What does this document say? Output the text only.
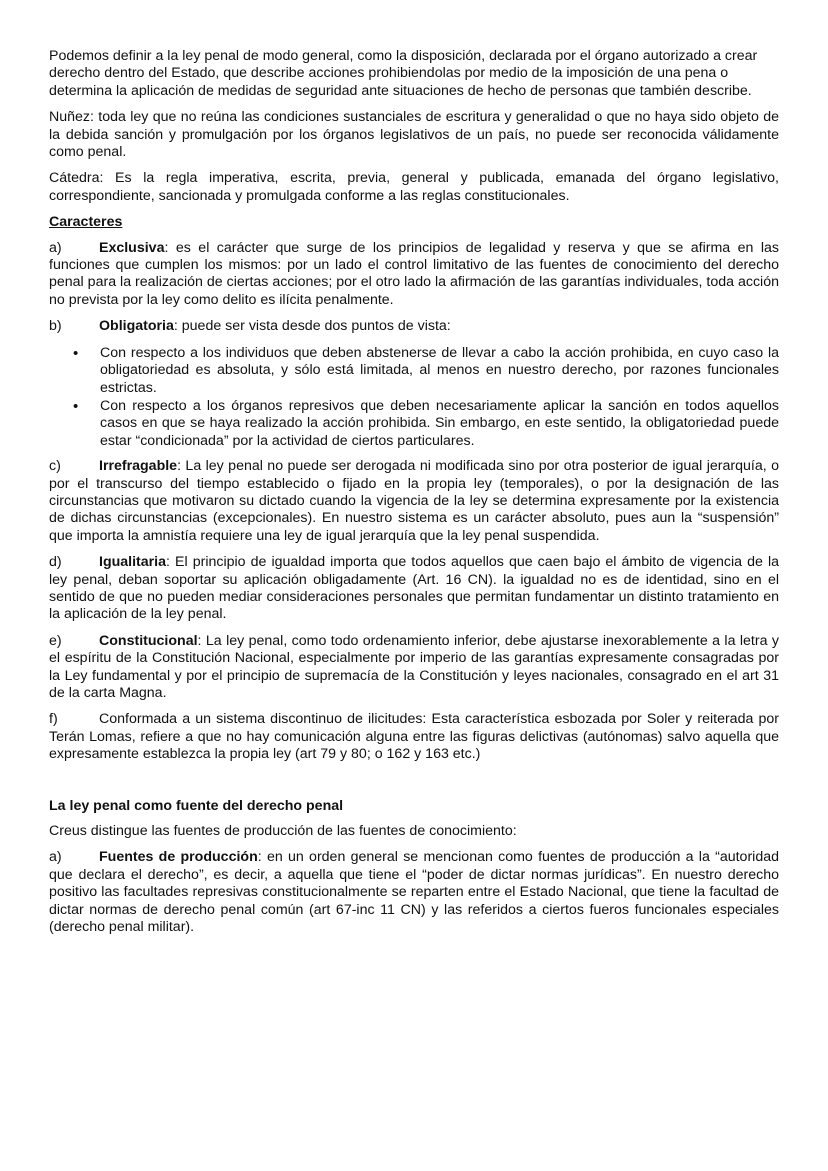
Podemos definir a la ley penal de modo general, como la disposición, declarada por el órgano autorizado a crear derecho dentro del Estado, que describe acciones prohibiendolas por medio de la imposición de una pena o determina la aplicación de medidas de seguridad ante situaciones de hecho de personas que también describe.

Nuñez: toda ley que no reúna las condiciones sustanciales de escritura y generalidad o que no haya sido objeto de la debida sanción y promulgación por los órganos legislativos de un país, no puede ser reconocida válidamente como penal.

Cátedra: Es la regla imperativa, escrita, previa, general y publicada, emanada del órgano legislativo, correspondiente, sancionada y promulgada conforme a las reglas constitucionales.

Caracteres

a)	Exclusiva: es el carácter que surge de los principios de legalidad y reserva y que se afirma en las funciones que cumplen los mismos: por un lado el control limitativo de las fuentes de conocimiento del derecho penal para la realización de ciertas acciones; por el otro lado la afirmación de las garantías individuales, toda acción no prevista por la ley como delito es ilícita penalmente.

b)	Obligatoria: puede ser vista desde dos puntos de vista:

• Con respecto a los individuos que deben abstenerse de llevar a cabo la acción prohibida, en cuyo caso la obligatoriedad es absoluta, y sólo está limitada, al menos en nuestro derecho, por razones funcionales estrictas.
• Con respecto a los órganos represivos que deben necesariamente aplicar la sanción en todos aquellos casos en que se haya realizado la acción prohibida. Sin embargo, en este sentido, la obligatoriedad puede estar “condicionada” por la actividad de ciertos particulares.

c)	Irrefragable: La ley penal no puede ser derogada ni modificada sino por otra posterior de igual jerarquía, o por el transcurso del tiempo establecido o fijado en la propia ley (temporales), o por la designación de las circunstancias que motivaron su dictado cuando la vigencia de la ley se determina expresamente por la existencia de dichas circunstancias (excepcionales). En nuestro sistema es un carácter absoluto, pues aun la “suspensión” que importa la amnistía requiere una ley de igual jerarquía que la ley penal suspendida.

d)	Igualitaria: El principio de igualdad importa que todos aquellos que caen bajo el ámbito de vigencia de la ley penal, deban soportar su aplicación obligadamente (Art. 16 CN). la igualdad no es de identidad, sino en el sentido de que no pueden mediar consideraciones personales que permitan fundamentar un distinto tratamiento en la aplicación de la ley penal.

e)	Constitucional: La ley penal, como todo ordenamiento inferior, debe ajustarse inexorablemente a la letra y el espíritu de la Constitución Nacional, especialmente por imperio de las garantías expresamente consagradas por la Ley fundamental y por el principio de supremacía de la Constitución y leyes nacionales, consagrado en el art 31 de la carta Magna.

f)	Conformada a un sistema discontinuo de ilicitudes: Esta característica esbozada por Soler y reiterada por Terán Lomas, refiere a que no hay comunicación alguna entre las figuras delictivas (autónomas) salvo aquella que expresamente establezca la propia ley (art 79 y 80; o 162 y 163 etc.)

La ley penal como fuente del derecho penal

Creus distingue las fuentes de producción de las fuentes de conocimiento:

a)	Fuentes de producción: en un orden general se mencionan como fuentes de producción a la “autoridad que declara el derecho”, es decir, a aquella que tiene el “poder de dictar normas jurídicas”. En nuestro derecho positivo las facultades represivas constitucionalmente se reparten entre el Estado Nacional, que tiene la facultad de dictar normas de derecho penal común (art 67-inc 11 CN) y las referidos a ciertos fueros funcionales especiales (derecho penal militar).
